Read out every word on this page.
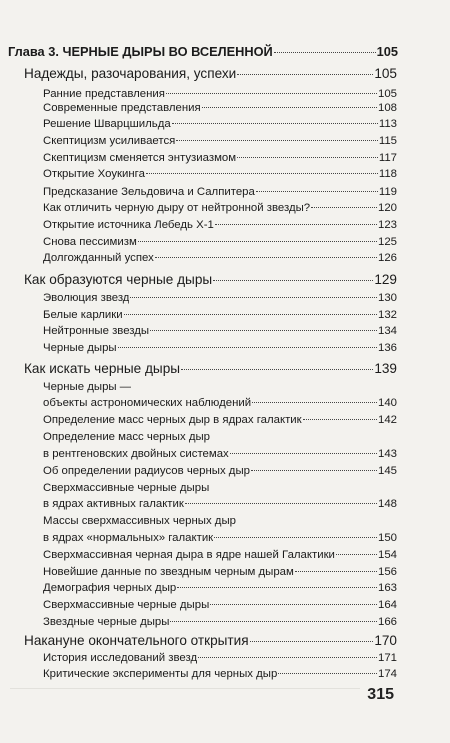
Глава 3. ЧЕРНЫЕ ДЫРЫ ВО ВСЕЛЕННОЙ	105
Надежды, разочарования, успехи	105
Ранние представления	105
Современные представления	108
Решение Шварцшильда	113
Скептицизм усиливается	115
Скептицизм сменяется энтузиазмом	117
Открытие Хоукинга	118
Предсказание Зельдовича и Салпитера	119
Как отличить черную дыру от нейтронной звезды?	120
Открытие источника Лебедь X-1	123
Снова пессимизм	125
Долгожданный успех	126
Как образуются черные дыры	129
Эволюция звезд	130
Белые карлики	132
Нейтронные звезды	134
Черные дыры	136
Как искать черные дыры	139
Черные дыры —
объекты астрономических наблюдений	140
Определение масс черных дыр в ядрах галактик	142
Определение масс черных дыр
в рентгеновских двойных системах	143
Об определении радиусов черных дыр	145
Сверхмассивные черные дыры
в ядрах активных галактик	148
Массы сверхмассивных черных дыр
в ядрах «нормальных» галактик	150
Сверхмассивная черная дыра в ядре нашей Галактики	154
Новейшие данные по звездным черным дырам	156
Демография черных дыр	163
Сверхмассивные черные дыры	164
Звездные черные дыры	166
Накануне окончательного открытия	170
История исследований звезд	171
Критические эксперименты для черных дыр	174
315
